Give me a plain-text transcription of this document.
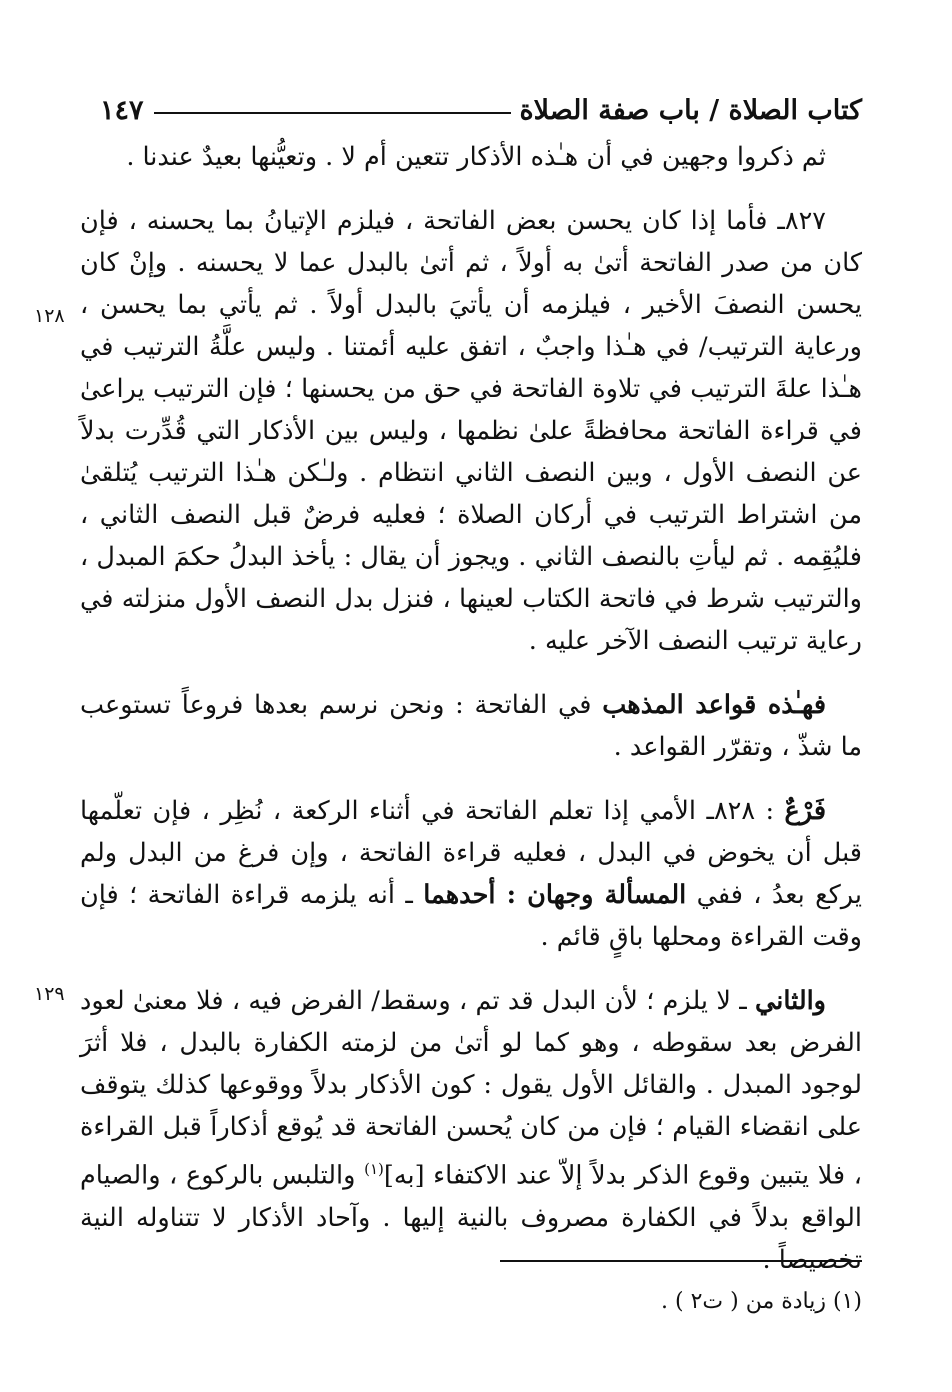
كتاب الصلاة / باب صفة الصلاة
١٤٧
١٢٨
١٢٩

ثم ذكروا وجهين في أن هـٰذه الأذكار تتعين أم لا . وتعيُّنها بعيدٌ عندنا .

٨٢٧ـ فأما إذا كان يحسن بعض الفاتحة ، فيلزم الإتيانُ بما يحسنه ، فإن كان من صدر الفاتحة أتىٰ به أولاً ، ثم أتىٰ بالبدل عما لا يحسنه . وإنْ كان يحسن النصفَ الأخير ، فيلزمه أن يأتيَ بالبدل أولاً . ثم يأتي بما يحسن ، ورعاية الترتيب/ في هـٰذا واجبٌ ، اتفق عليه أئمتنا . وليس علَّةُ الترتيب في هـٰذا علةَ الترتيب في تلاوة الفاتحة في حق من يحسنها ؛ فإن الترتيب يراعىٰ في قراءة الفاتحة محافظةً علىٰ نظمها ، وليس بين الأذكار التي قُدِّرت بدلاً عن النصف الأول ، وبين النصف الثاني انتظام . ولـٰكن هـٰذا الترتيب يُتلقىٰ من اشتراط الترتيب في أركان الصلاة ؛ فعليه فرضٌ قبل النصف الثاني ، فليُقِمه . ثم ليأتِ بالنصف الثاني . ويجوز أن يقال : يأخذ البدلُ حكمَ المبدل ، والترتيب شرط في فاتحة الكتاب لعينها ، فنزل بدل النصف الأول منزلته في رعاية ترتيب النصف الآخر عليه .

فهـٰذه قواعد المذهب في الفاتحة : ونحن نرسم بعدها فروعاً تستوعب ما شذّ ، وتقرّر القواعد .

فَرْعٌ : ٨٢٨ـ الأمي إذا تعلم الفاتحة في أثناء الركعة ، نُظِر ، فإن تعلّمها قبل أن يخوض في البدل ، فعليه قراءة الفاتحة ، وإن فرغ من البدل ولم يركع بعدُ ، ففي المسألة وجهان : أحدهما ـ أنه يلزمه قراءة الفاتحة ؛ فإن وقت القراءة ومحلها باقٍ قائم .

والثاني ـ لا يلزم ؛ لأن البدل قد تم ، وسقط/ الفرض فيه ، فلا معنىٰ لعود الفرض بعد سقوطه ، وهو كما لو أتىٰ من لزمته الكفارة بالبدل ، فلا أثرَ لوجود المبدل . والقائل الأول يقول : كون الأذكار بدلاً ووقوعها كذلك يتوقف على انقضاء القيام ؛ فإن من كان يُحسن الفاتحة قد يُوقع أذكاراً قبل القراءة ، فلا يتبين وقوع الذكر بدلاً إلاّ عند الاكتفاء [به]$^{(١)}$ والتلبس بالركوع ، والصيام الواقع بدلاً في الكفارة مصروف بالنية إليها . وآحاد الأذكار لا تتناوله النية تخصيصاً .

(١) زيادة من ( ت٢ ) .
